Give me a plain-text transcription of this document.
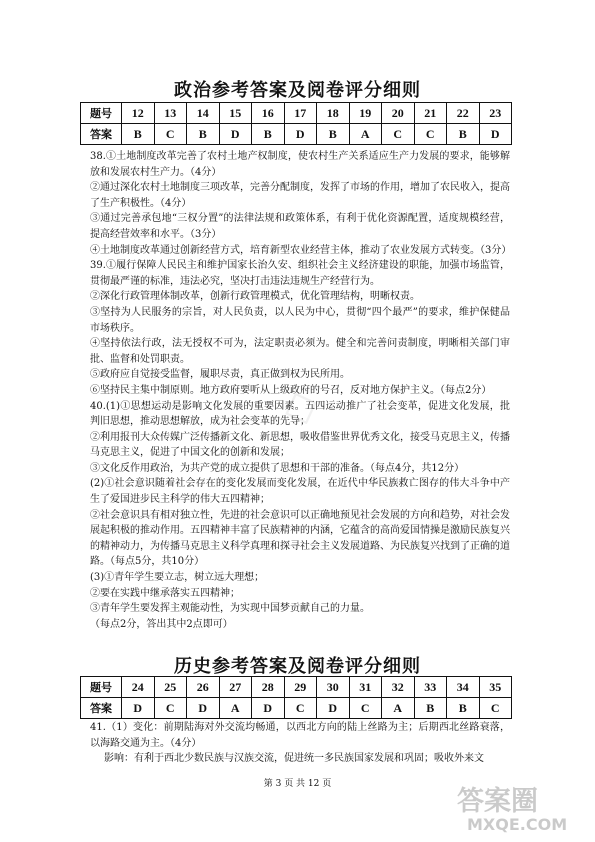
政治参考答案及阅卷评分细则
题号	12	13	14	15	16	17	18	19	20	21	22	23
答案	B	C	B	D	B	D	B	A	C	C	B	D

38.①土地制度改革完善了农村土地产权制度，使农村生产关系适应生产力发展的要求，能够解放和发展农村生产力。（4分）

②通过深化农村土地制度三项改革，完善分配制度，发挥了市场的作用，增加了农民收入，提高了生产积极性。（4分）

③通过完善承包地“三权分置”的法律法规和政策体系，有利于优化资源配置，适度规模经营，提高经营效率和水平。（3分）

④土地制度改革通过创新经营方式，培育新型农业经营主体，推动了农业发展方式转变。（3分）

39.①履行保障人民民主和维护国家长治久安、组织社会主义经济建设的职能，加强市场监管，贯彻最严谨的标准，违法必究，坚决打击违法违规生产经营行为。

②深化行政管理体制改革，创新行政管理模式，优化管理结构，明晰权责。

③坚持为人民服务的宗旨，对人民负责，以人民为中心，贯彻“四个最严”的要求，维护保健品市场秩序。

④坚持依法行政，法无授权不可为，法定职责必须为。健全和完善问责制度，明晰相关部门审批、监督和处罚职责。

⑤政府应自觉接受监督，履职尽责，真正做到权为民所用。

⑥坚持民主集中制原则。地方政府要听从上级政府的号召，反对地方保护主义。（每点2分）

40.(1)①思想运动是影响文化发展的重要因素。五四运动推广了社会变革，促进文化发展，批判旧思想，推动思想解放，成为社会变革的先导；

②利用报刊大众传媒广泛传播新文化、新思想，吸收借鉴世界优秀文化，接受马克思主义，传播马克思主义，促进了中国文化的创新和发展；

③文化反作用政治，为共产党的成立提供了思想和干部的准备。（每点4分，共12分）

(2)①社会意识随着社会存在的变化发展而变化发展，在近代中华民族救亡图存的伟大斗争中产生了爱国进步民主科学的伟大五四精神；

②社会意识具有相对独立性，先进的社会意识可以正确地预见社会发展的方向和趋势，对社会发展起积极的推动作用。五四精神丰富了民族精神的内涵，它蕴含的高尚爱国情操是激励民族复兴的精神动力，为传播马克思主义科学真理和探寻社会主义发展道路、为民族复兴找到了正确的道路。（每点5分，共10分）

(3)①青年学生要立志，树立远大理想；

②要在实践中继承落实五四精神；

③青年学生要发挥主观能动性，为实现中国梦贡献自己的力量。

（每点2分，答出其中2点即可）

历史参考答案及阅卷评分细则
题号	24	25	26	27	28	29	30	31	32	33	34	35
答案	D	C	D	A	D	C	D	C	A	B	B	C

41.（1）变化：前期陆海对外交流均畅通，以西北方向的陆上丝路为主；后期西北丝路衰落，以海路交通为主。（4分）

影响：有利于西北少数民族与汉族交流，促进统一多民族国家发展和巩固；吸收外来文

第 3 页 共 12 页
◇
答案圈
MXQE.COM
